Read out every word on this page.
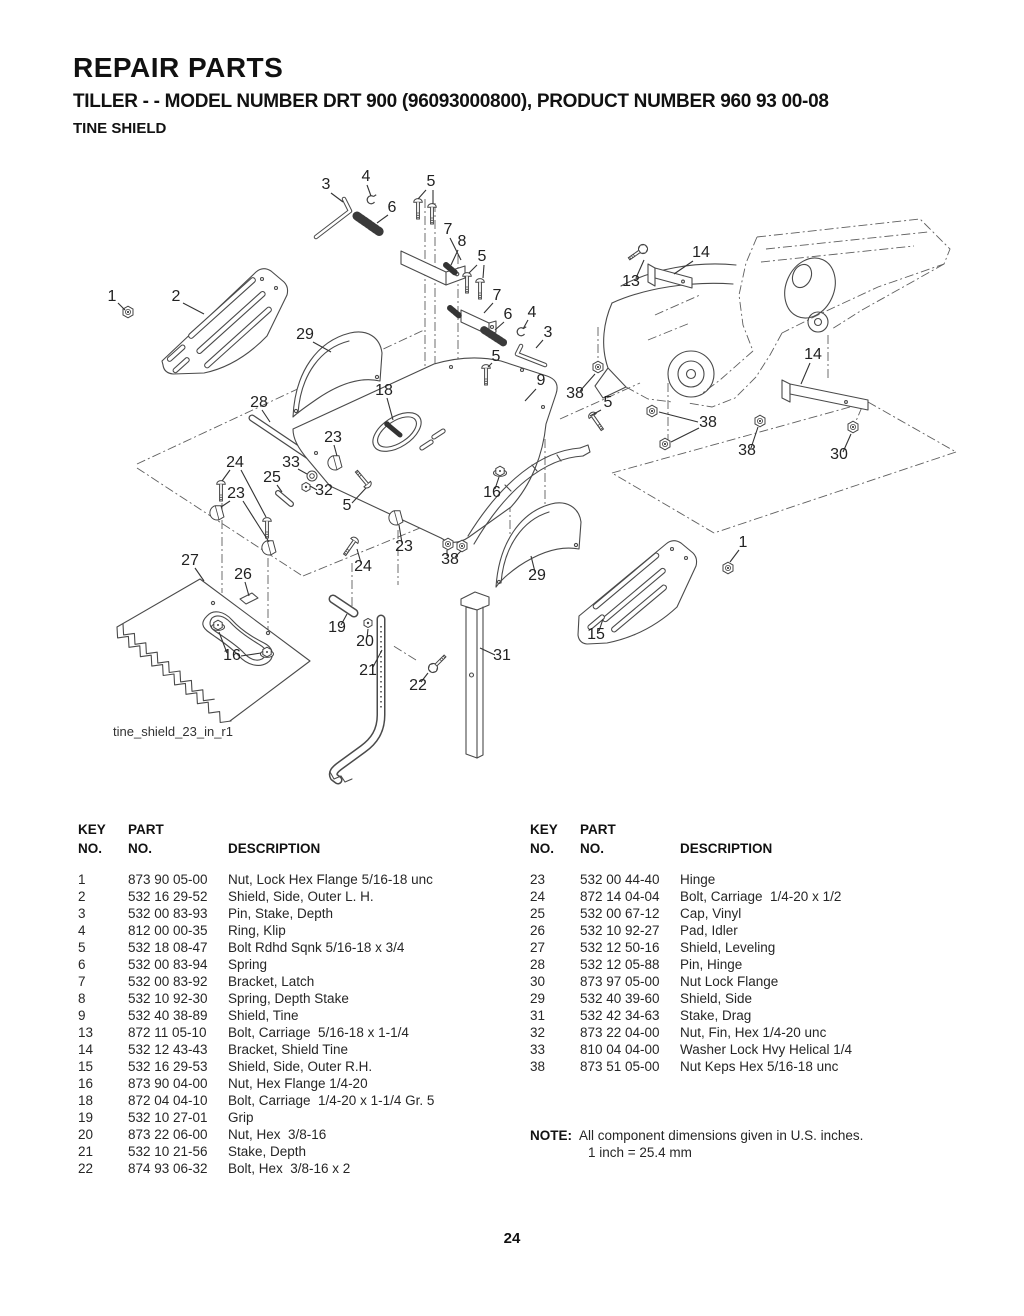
REPAIR PARTS
TILLER - - MODEL NUMBER DRT 900 (96093000800), PRODUCT NUMBER 960 93 00-08
TINE SHIELD
3 4	5
6
7
8
5	14
13
1	2	7
6 4
29	3
5	14
18
9
38
28	5
38
23
38	30
24 33
25
23	32	16
5
23
24	38
29
1
27
26
15
16
19
20
21
31
22
tine_shield_23_in_r1
KEY	PART
NO.	NO.	DESCRIPTION
1	873 90 05-00	Nut, Lock Hex Flange 5/16-18 unc
2	532 16 29-52	Shield, Side, Outer L. H.
3	532 00 83-93	Pin, Stake, Depth
4	812 00 00-35	Ring, Klip
5	532 18 08-47	Bolt Rdhd Sqnk 5/16-18 x 3/4
6	532 00 83-94	Spring
7	532 00 83-92	Bracket, Latch
8	532 10 92-30	Spring, Depth Stake
9	532 40 38-89	Shield, Tine
13	872 11 05-10	Bolt, Carriage  5/16-18 x 1-1/4
14	532 12 43-43	Bracket, Shield Tine
15	532 16 29-53	Shield, Side, Outer R.H.
16	873 90 04-00	Nut, Hex Flange 1/4-20
18	872 04 04-10	Bolt, Carriage  1/4-20 x 1-1/4 Gr. 5
19	532 10 27-01	Grip
20	873 22 06-00	Nut, Hex  3/8-16
21	532 10 21-56	Stake, Depth
22	874 93 06-32	Bolt, Hex  3/8-16 x 2
KEY	PART
NO.	NO.	DESCRIPTION
23	532 00 44-40	Hinge
24	872 14 04-04	Bolt, Carriage  1/4-20 x 1/2
25	532 00 67-12	Cap, Vinyl
26	532 10 92-27	Pad, Idler
27	532 12 50-16	Shield, Leveling
28	532 12 05-88	Pin, Hinge
30	873 97 05-00	Nut Lock Flange
29	532 40 39-60	Shield, Side
31	532 42 34-63	Stake, Drag
32	873 22 04-00	Nut, Fin, Hex 1/4-20 unc
33	810 04 04-00	Washer Lock Hvy Helical 1/4
38	873 51 05-00	Nut Keps Hex 5/16-18 unc
NOTE: All component dimensions given in U.S. inches.
1 inch = 25.4 mm
24
